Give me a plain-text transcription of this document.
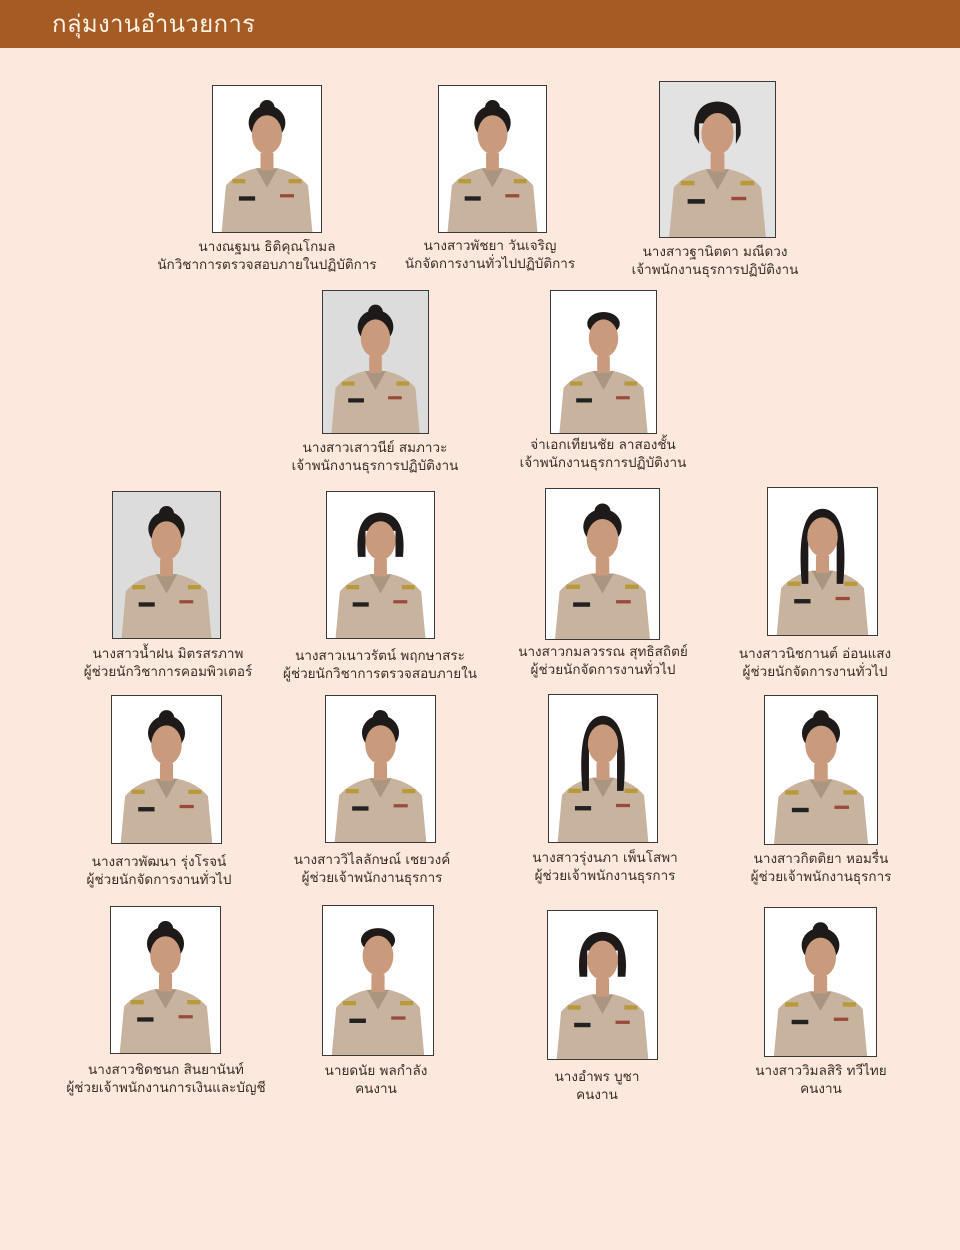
กลุ่มงานอำนวยการ
นางณฐมน ธิติคุณโกมล
นักวิชาการตรวจสอบภายในปฏิบัติการ
นางสาวพัชยา วันเจริญ
นักจัดการงานทั่วไปปฏิบัติการ
นางสาวฐานิตดา มณีดวง
เจ้าพนักงานธุรการปฏิบัติงาน
นางสาวเสาวนีย์ สมภาวะ
เจ้าพนักงานธุรการปฏิบัติงาน
จ่าเอกเทียนชัย ลาสองชั้น
เจ้าพนักงานธุรการปฏิบัติงาน
นางสาวน้ำฝน มิตรสรภาพ
ผู้ช่วยนักวิชาการคอมพิวเตอร์
นางสาวเนาวรัตน์ พฤกษาสระ
ผู้ช่วยนักวิชาการตรวจสอบภายใน
นางสาวกมลวรรณ สุทธิสถิตย์
ผู้ช่วยนักจัดการงานทั่วไป
นางสาวนิชกานต์ อ่อนแสง
ผู้ช่วยนักจัดการงานทั่วไป
นางสาวพัฒนา รุ่งโรจน์
ผู้ช่วยนักจัดการงานทั่วไป
นางสาววิไลลักษณ์ เชยวงค์
ผู้ช่วยเจ้าพนักงานธุรการ
นางสาวรุ่งนภา เพ็นโสพา
ผู้ช่วยเจ้าพนักงานธุรการ
นางสาวกิตติยา หอมรื่น
ผู้ช่วยเจ้าพนักงานธุรการ
นางสาวชิดชนก สินยานันท์
ผู้ช่วยเจ้าพนักงานการเงินและบัญชี
นายดนัย พลกำลัง
คนงาน
นางอำพร บูชา
คนงาน
นางสาววิมลสิริ ทวีไทย
คนงาน
